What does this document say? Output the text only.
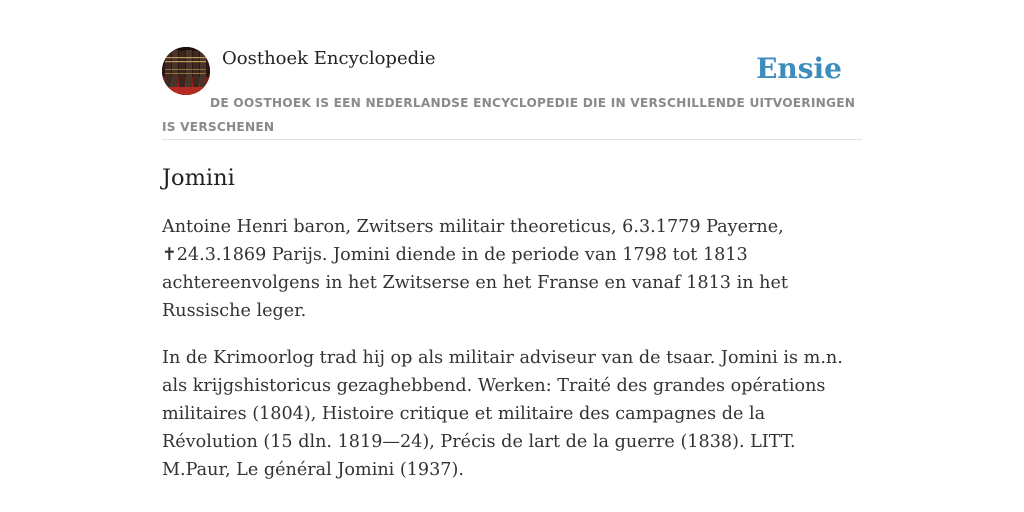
Oosthoek Encyclopedie	Ensie
DE OOSTHOEK IS EEN NEDERLANDSE ENCYCLOPEDIE DIE IN VERSCHILLENDE UITVOERINGEN IS VERSCHENEN
Jomini

Antoine Henri baron, Zwitsers militair theoreticus, 6.3.1779 Payerne, ✝24.3.1869 Parijs. Jomini diende in de periode van 1798 tot 1813 achtereenvolgens in het Zwitserse en het Franse en vanaf 1813 in het Russische leger.

In de Krimoorlog trad hij op als militair adviseur van de tsaar. Jomini is m.n. als krijgshistoricus gezaghebbend. Werken: Traité des grandes opérations militaires (1804), Histoire critique et militaire des campagnes de la Révolution (15 dln. 1819—24), Précis de lart de la guerre (1838). LITT. M.Paur, Le général Jomini (1937).
